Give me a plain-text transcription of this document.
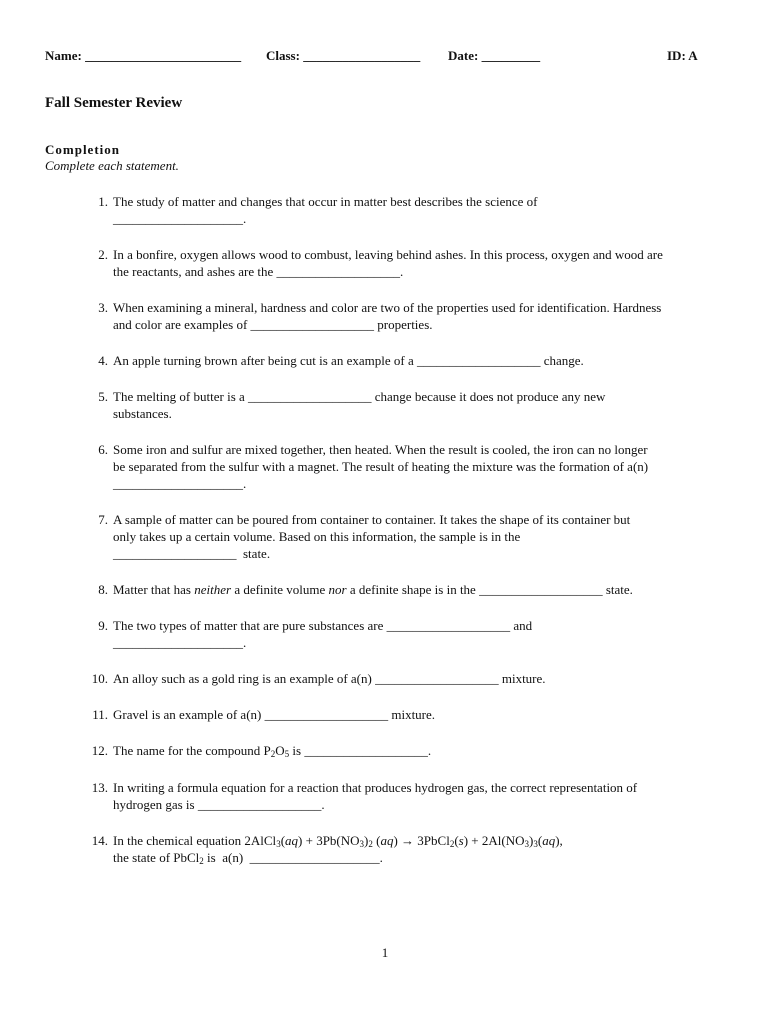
Name: ________________________ Class: __________________ Date: _________	ID: A
Fall Semester Review
Completion
Complete each statement.
1. The study of matter and changes that occur in matter best describes the science of
____________________.
2. In a bonfire, oxygen allows wood to combust, leaving behind ashes. In this process, oxygen and wood are
the reactants, and ashes are the ___________________.
3. When examining a mineral, hardness and color are two of the properties used for identification. Hardness
and color are examples of ___________________ properties.
4. An apple turning brown after being cut is an example of a ___________________ change.
5. The melting of butter is a ___________________ change because it does not produce any new
substances.
6. Some iron and sulfur are mixed together, then heated. When the result is cooled, the iron can no longer
be separated from the sulfur with a magnet. The result of heating the mixture was the formation of a(n)
____________________.
7. A sample of matter can be poured from container to container. It takes the shape of its container but
only takes up a certain volume. Based on this information, the sample is in the
___________________  state.
8. Matter that has neither a definite volume nor a definite shape is in the ___________________ state.
9. The two types of matter that are pure substances are ___________________ and
____________________.
10. An alloy such as a gold ring is an example of a(n) ___________________ mixture.
11. Gravel is an example of a(n) ___________________ mixture.
12. The name for the compound $P_2O_5$ is ___________________.
13. In writing a formula equation for a reaction that produces hydrogen gas, the correct representation of
hydrogen gas is ___________________.
14. In the chemical equation 2AlCl$_3$(aq) + $3Pb(NO_3)_2$ (aq) → 3PbCl$_2$(s) + $2Al(NO_3)_3(aq)$,
the state of PbCl$_2$ is  a(n)  ____________________.
1
